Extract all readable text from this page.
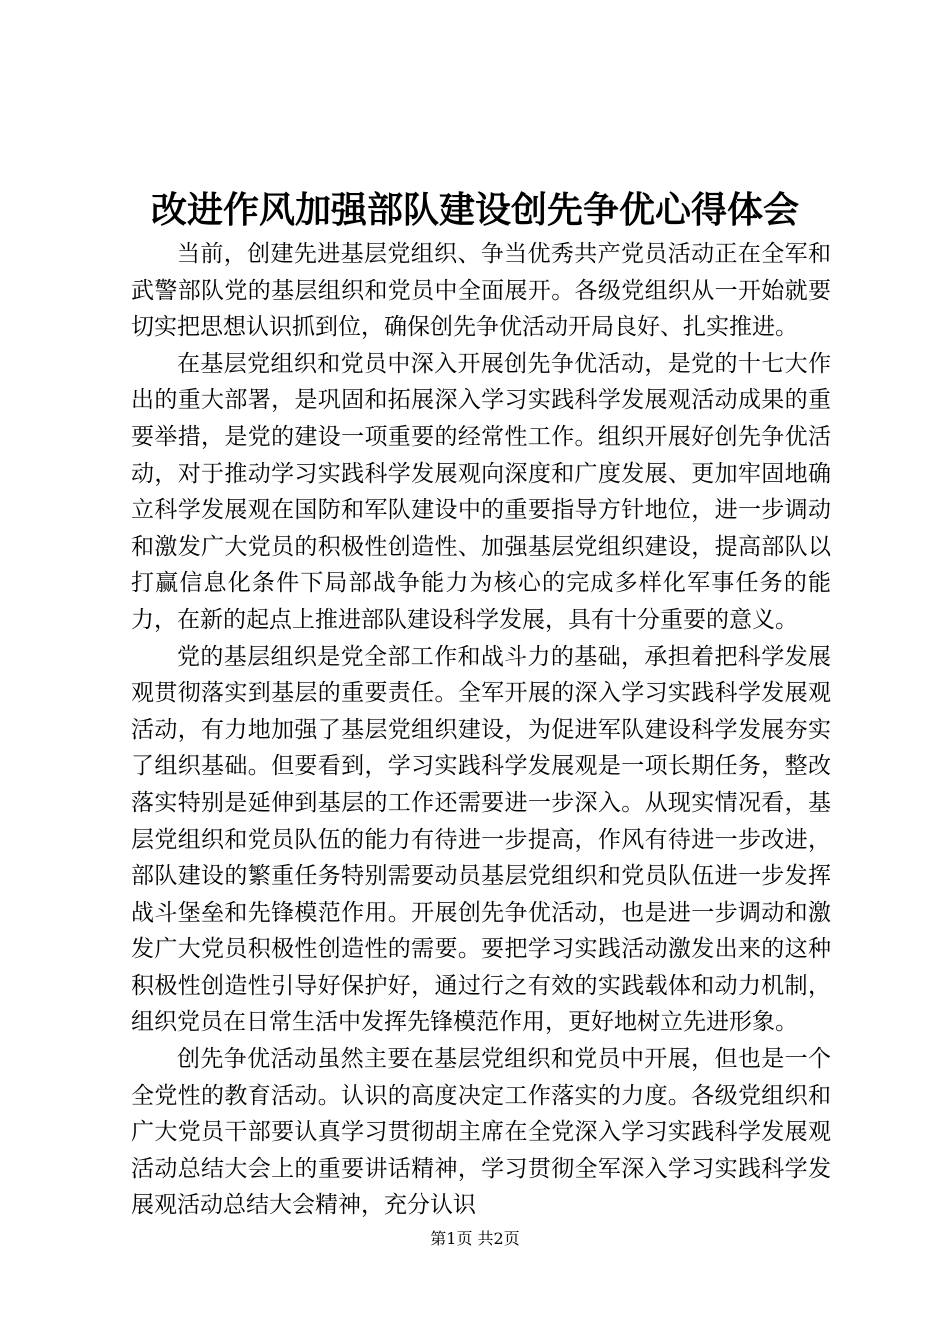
改进作风加强部队建设创先争优心得体会

当前，创建先进基层党组织、争当优秀共产党员活动正在全军和武警部队党的基层组织和党员中全面展开。各级党组织从一开始就要切实把思想认识抓到位，确保创先争优活动开局良好、扎实推进。

在基层党组织和党员中深入开展创先争优活动，是党的十七大作出的重大部署，是巩固和拓展深入学习实践科学发展观活动成果的重要举措，是党的建设一项重要的经常性工作。组织开展好创先争优活动，对于推动学习实践科学发展观向深度和广度发展、更加牢固地确立科学发展观在国防和军队建设中的重要指导方针地位，进一步调动和激发广大党员的积极性创造性、加强基层党组织建设，提高部队以打赢信息化条件下局部战争能力为核心的完成多样化军事任务的能力，在新的起点上推进部队建设科学发展，具有十分重要的意义。

党的基层组织是党全部工作和战斗力的基础，承担着把科学发展观贯彻落实到基层的重要责任。全军开展的深入学习实践科学发展观活动，有力地加强了基层党组织建设，为促进军队建设科学发展夯实了组织基础。但要看到，学习实践科学发展观是一项长期任务，整改落实特别是延伸到基层的工作还需要进一步深入。从现实情况看，基层党组织和党员队伍的能力有待进一步提高，作风有待进一步改进，部队建设的繁重任务特别需要动员基层党组织和党员队伍进一步发挥战斗堡垒和先锋模范作用。开展创先争优活动，也是进一步调动和激发广大党员积极性创造性的需要。要把学习实践活动激发出来的这种积极性创造性引导好保护好，通过行之有效的实践载体和动力机制，组织党员在日常生活中发挥先锋模范作用，更好地树立先进形象。

创先争优活动虽然主要在基层党组织和党员中开展，但也是一个全党性的教育活动。认识的高度决定工作落实的力度。各级党组织和广大党员干部要认真学习贯彻胡主席在全党深入学习实践科学发展观活动总结大会上的重要讲话精神，学习贯彻全军深入学习实践科学发展观活动总结大会精神，充分认识

第1页 共2页
